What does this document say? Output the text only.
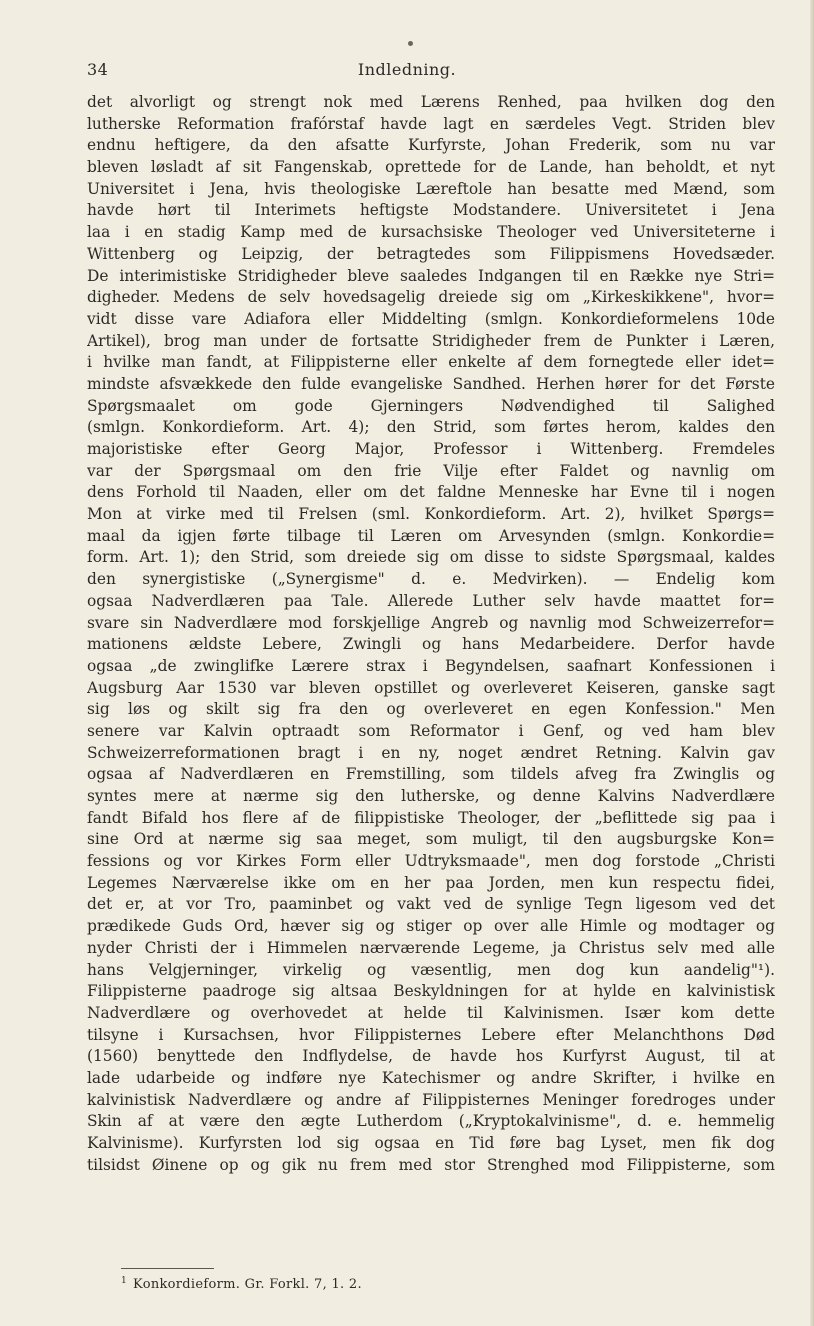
34	Indledning.
det alvorligt og strengt nok med Lærens Renhed, paa hvilken dog den
lutherske Reformation frafórstaf havde lagt en særdeles Vegt. Striden blev
endnu heftigere, da den afsatte Kurfyrste, Johan Frederik, som nu var
bleven løsladt af sit Fangenskab, oprettede for de Lande, han beholdt, et nyt
Universitet i Jena, hvis theologiske Læreftole han besatte med Mænd, som
havde hørt til Interimets heftigste Modstandere. Universitetet i Jena
laa i en stadig Kamp med de kursachsiske Theologer ved Universiteterne i
Wittenberg og Leipzig, der betragtedes som Filippismens Hovedsæder.
De interimistiske Stridigheder bleve saaledes Indgangen til en Række nye Stri=
digheder. Medens de selv hovedsagelig dreiede sig om „Kirkeskikkene", hvor=
vidt disse vare Adiafora eller Middelting (smlgn. Konkordieformelens 10de
Artikel), brog man under de fortsatte Stridigheder frem de Punkter i Læren,
i hvilke man fandt, at Filippisterne eller enkelte af dem fornegtede eller idet=
mindste afsvækkede den fulde evangeliske Sandhed. Herhen hører for det Første
Spørgsmaalet om gode Gjerningers Nødvendighed til Salighed
(smlgn. Konkordieform. Art. 4); den Strid, som førtes herom, kaldes den
majoristiske efter Georg Major, Professor i Wittenberg. Fremdeles
var der Spørgsmaal om den frie Vilje efter Faldet og navnlig om
dens Forhold til Naaden, eller om det faldne Menneske har Evne til i nogen
Mon at virke med til Frelsen (sml. Konkordieform. Art. 2), hvilket Spørgs=
maal da igjen førte tilbage til Læren om Arvesynden (smlgn. Konkordie=
form. Art. 1); den Strid, som dreiede sig om disse to sidste Spørgsmaal, kaldes
den synergistiske („Synergisme" d. e. Medvirken). — Endelig kom
ogsaa Nadverdlæren paa Tale. Allerede Luther selv havde maattet for=
svare sin Nadverdlære mod forskjellige Angreb og navnlig mod Schweizerrefor=
mationens ældste Lebere, Zwingli og hans Medarbeidere. Derfor havde
ogsaa „de zwinglifke Lærere strax i Begyndelsen, saafnart Konfessionen i
Augsburg Aar 1530 var bleven opstillet og overleveret Keiseren, ganske sagt
sig løs og skilt sig fra den og overleveret en egen Konfession." Men
senere var Kalvin optraadt som Reformator i Genf, og ved ham blev
Schweizerreformationen bragt i en ny, noget ændret Retning. Kalvin gav
ogsaa af Nadverdlæren en Fremstilling, som tildels afveg fra Zwinglis og
syntes mere at nærme sig den lutherske, og denne Kalvins Nadverdlære
fandt Bifald hos flere af de filippistiske Theologer, der „beflittede sig paa i
sine Ord at nærme sig saa meget, som muligt, til den augsburgske Kon=
fessions og vor Kirkes Form eller Udtryksmaade", men dog forstode „Christi
Legemes Nærværelse ikke om en her paa Jorden, men kun respectu fidei,
det er, at vor Tro, paaminbet og vakt ved de synlige Tegn ligesom ved det
prædikede Guds Ord, hæver sig og stiger op over alle Himle og modtager og
nyder Christi der i Himmelen nærværende Legeme, ja Christus selv med alle
hans Velgjerninger, virkelig og væsentlig, men dog kun aandelig"¹).
Filippisterne paadroge sig altsaa Beskyldningen for at hylde en kalvinistisk
Nadverdlære og overhovedet at helde til Kalvinismen. Især kom dette
tilsyne i Kursachsen, hvor Filippisternes Lebere efter Melanchthons Død
(1560) benyttede den Indflydelse, de havde hos Kurfyrst August, til at
lade udarbeide og indføre nye Katechismer og andre Skrifter, i hvilke en
kalvinistisk Nadverdlære og andre af Filippisternes Meninger foredroges under
Skin af at være den ægte Lutherdom („Kryptokalvinisme", d. e. hemmelig
Kalvinisme). Kurfyrsten lod sig ogsaa en Tid føre bag Lyset, men fik dog
tilsidst Øinene op og gik nu frem med stor Strenghed mod Filippisterne, som
$^1$ Konkordieform. Gr. Forkl. 7, 1. 2.
